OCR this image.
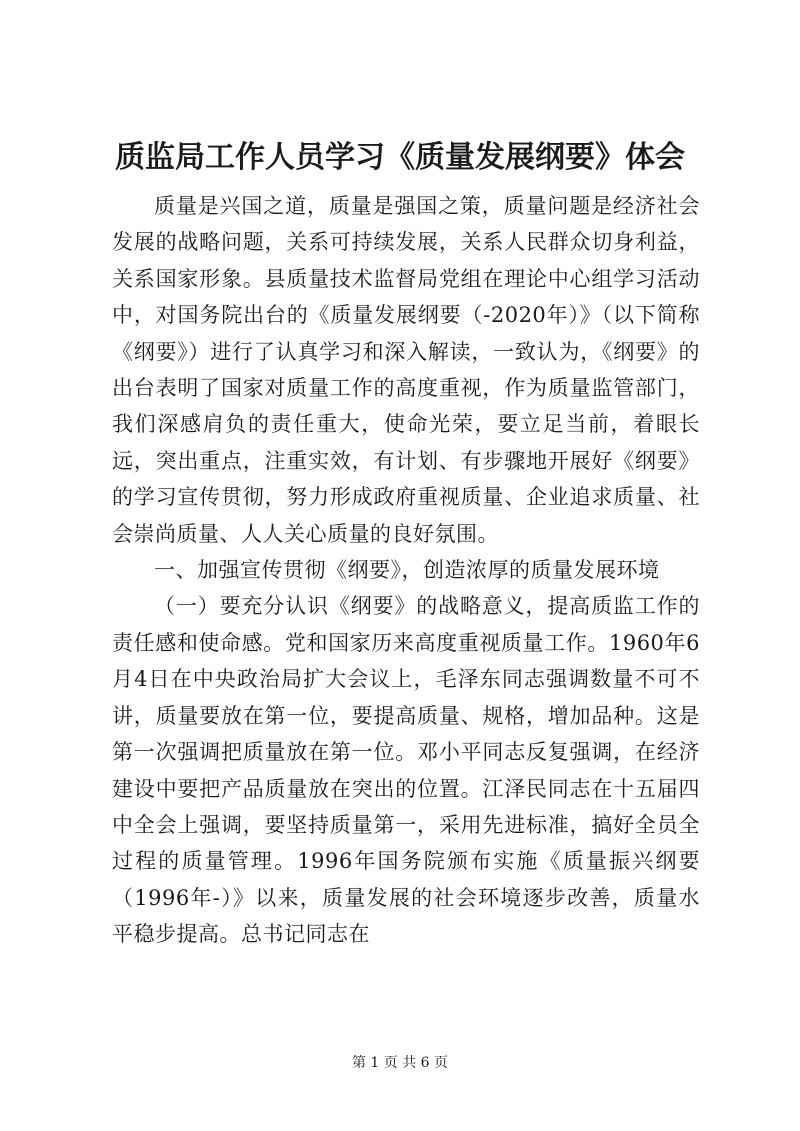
质监局工作人员学习《质量发展纲要》体会

质量是兴国之道，质量是强国之策，质量问题是经济社会发展的战略问题，关系可持续发展，关系人民群众切身利益，关系国家形象。县质量技术监督局党组在理论中心组学习活动中，对国务院出台的《质量发展纲要（-2020年）》（以下简称《纲要》）进行了认真学习和深入解读，一致认为，《纲要》的出台表明了国家对质量工作的高度重视，作为质量监管部门，我们深感肩负的责任重大，使命光荣，要立足当前，着眼长远，突出重点，注重实效，有计划、有步骤地开展好《纲要》的学习宣传贯彻，努力形成政府重视质量、企业追求质量、社会崇尚质量、人人关心质量的良好氛围。

一、加强宣传贯彻《纲要》，创造浓厚的质量发展环境

（一）要充分认识《纲要》的战略意义，提高质监工作的责任感和使命感。党和国家历来高度重视质量工作。1960年6月4日在中央政治局扩大会议上，毛泽东同志强调数量不可不讲，质量要放在第一位，要提高质量、规格，增加品种。这是第一次强调把质量放在第一位。邓小平同志反复强调，在经济建设中要把产品质量放在突出的位置。江泽民同志在十五届四中全会上强调，要坚持质量第一，采用先进标准，搞好全员全过程的质量管理。1996年国务院颁布实施《质量振兴纲要（1996年-）》以来，质量发展的社会环境逐步改善，质量水平稳步提高。总书记同志在

第 1 页 共 6 页
